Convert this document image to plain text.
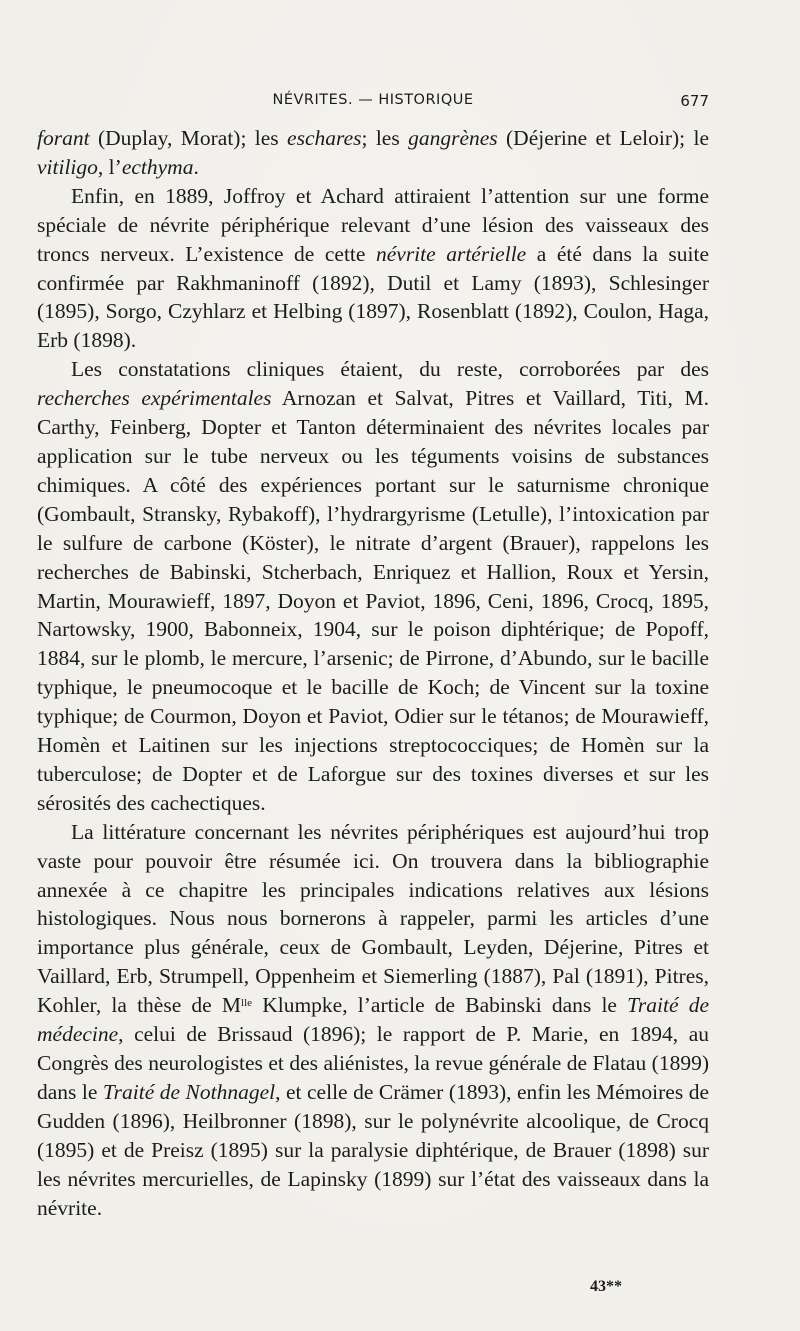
NÉVRITES. — HISTORIQUE	677

forant (Duplay, Morat); les eschares; les gangrènes (Déjerine et Leloir); le vitiligo, l’ecthyma.

Enfin, en 1889, Joffroy et Achard attiraient l’attention sur une forme spéciale de névrite périphérique relevant d’une lésion des vaisseaux des troncs nerveux. L’existence de cette névrite artérielle a été dans la suite confirmée par Rakhmaninoff (1892), Dutil et Lamy (1893), Schlesinger (1895), Sorgo, Czyhlarz et Helbing (1897), Rosenblatt (1892), Coulon, Haga, Erb (1898).

Les constatations cliniques étaient, du reste, corroborées par des recherches expérimentales Arnozan et Salvat, Pitres et Vaillard, Titi, M. Carthy, Feinberg, Dopter et Tanton déterminaient des névrites locales par application sur le tube nerveux ou les téguments voisins de substances chimiques. A côté des expériences portant sur le saturnisme chronique (Gombault, Stransky, Rybakoff), l’hydrargyrisme (Letulle), l’intoxication par le sulfure de carbone (Köster), le nitrate d’argent (Brauer), rappelons les recherches de Babinski, Stcherbach, Enriquez et Hallion, Roux et Yersin, Martin, Mourawieff, 1897, Doyon et Paviot, 1896, Ceni, 1896, Crocq, 1895, Nartowsky, 1900, Babonneix, 1904, sur le poison diphtérique; de Popoff, 1884, sur le plomb, le mercure, l’arsenic; de Pirrone, d’Abundo, sur le bacille typhique, le pneumocoque et le bacille de Koch; de Vincent sur la toxine typhique; de Courmon, Doyon et Paviot, Odier sur le tétanos; de Mourawieff, Homèn et Laitinen sur les injections streptococciques; de Homèn sur la tuberculose; de Dopter et de Laforgue sur des toxines diverses et sur les sérosités des cachectiques.

La littérature concernant les névrites périphériques est aujourd’hui trop vaste pour pouvoir être résumée ici. On trouvera dans la bibliographie annexée à ce chapitre les principales indications relatives aux lésions histologiques. Nous nous bornerons à rappeler, parmi les articles d’une importance plus générale, ceux de Gombault, Leyden, Déjerine, Pitres et Vaillard, Erb, Strumpell, Oppenheim et Siemerling (1887), Pal (1891), Pitres, Kohler, la thèse de $M^{lle}$ Klumpke, l’article de Babinski dans le Traité de médecine, celui de Brissaud (1896); le rapport de P. Marie, en 1894, au Congrès des neurologistes et des aliénistes, la revue générale de Flatau (1899) dans le Traité de Nothnagel, et celle de Crämer (1893), enfin les Mémoires de Gudden (1896), Heilbronner (1898), sur le polynévrite alcoolique, de Crocq (1895) et de Preisz (1895) sur la paralysie diphtérique, de Brauer (1898) sur les névrites mercurielles, de Lapinsky (1899) sur l’état des vaisseaux dans la névrite.

43**
